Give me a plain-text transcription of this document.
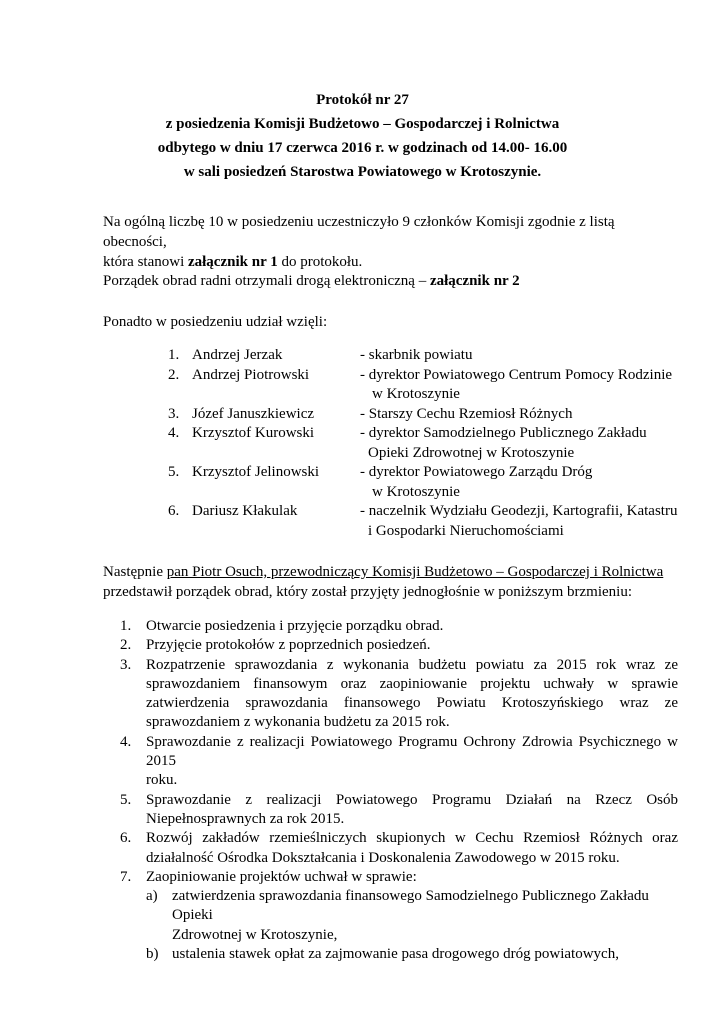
Protokół nr 27
z posiedzenia Komisji Budżetowo – Gospodarczej i Rolnictwa
odbytego w dniu 17 czerwca 2016 r. w godzinach od 14.00- 16.00
w sali posiedzeń Starostwa Powiatowego w Krotoszynie.
Na ogólną liczbę 10 w posiedzeniu uczestniczyło 9 członków Komisji zgodnie z listą obecności,
która stanowi załącznik nr 1 do protokołu.
Porządek obrad radni otrzymali drogą elektroniczną – załącznik nr 2
Ponadto w posiedzeniu udział wzięli:
1. Andrzej Jerzak	- skarbnik powiatu
2. Andrzej Piotrowski	- dyrektor Powiatowego Centrum Pomocy Rodzinie
w Krotoszynie
3. Józef Januszkiewicz	- Starszy Cechu Rzemiosł Różnych
4. Krzysztof Kurowski	- dyrektor Samodzielnego Publicznego Zakładu
Opieki Zdrowotnej w Krotoszynie
5. Krzysztof Jelinowski	- dyrektor Powiatowego Zarządu Dróg
w Krotoszynie
6. Dariusz Kłakulak	- naczelnik Wydziału Geodezji, Kartografii, Katastru
i Gospodarki Nieruchomościami
Następnie pan Piotr Osuch, przewodniczący Komisji Budżetowo – Gospodarczej i Rolnictwa
przedstawił porządek obrad, który został przyjęty jednogłośnie w poniższym brzmieniu:
1. Otwarcie posiedzenia i przyjęcie porządku obrad.
2. Przyjęcie protokołów z poprzednich posiedzeń.
3. Rozpatrzenie sprawozdania z wykonania budżetu powiatu za 2015 rok wraz ze
sprawozdaniem finansowym oraz zaopiniowanie projektu uchwały w sprawie
zatwierdzenia sprawozdania finansowego Powiatu Krotoszyńskiego wraz ze
sprawozdaniem z wykonania budżetu za 2015 rok.
4. Sprawozdanie z realizacji Powiatowego Programu Ochrony Zdrowia Psychicznego w 2015
roku.
5. Sprawozdanie z realizacji Powiatowego Programu Działań na Rzecz Osób
Niepełnosprawnych za rok 2015.
6. Rozwój zakładów rzemieślniczych skupionych w Cechu Rzemiosł Różnych oraz
działalność Ośrodka Dokształcania i Doskonalenia Zawodowego w 2015 roku.
7. Zaopiniowanie projektów uchwał w sprawie:
a) zatwierdzenia sprawozdania finansowego Samodzielnego Publicznego Zakładu Opieki
Zdrowotnej w Krotoszynie,
b) ustalenia stawek opłat za zajmowanie pasa drogowego dróg powiatowych,
